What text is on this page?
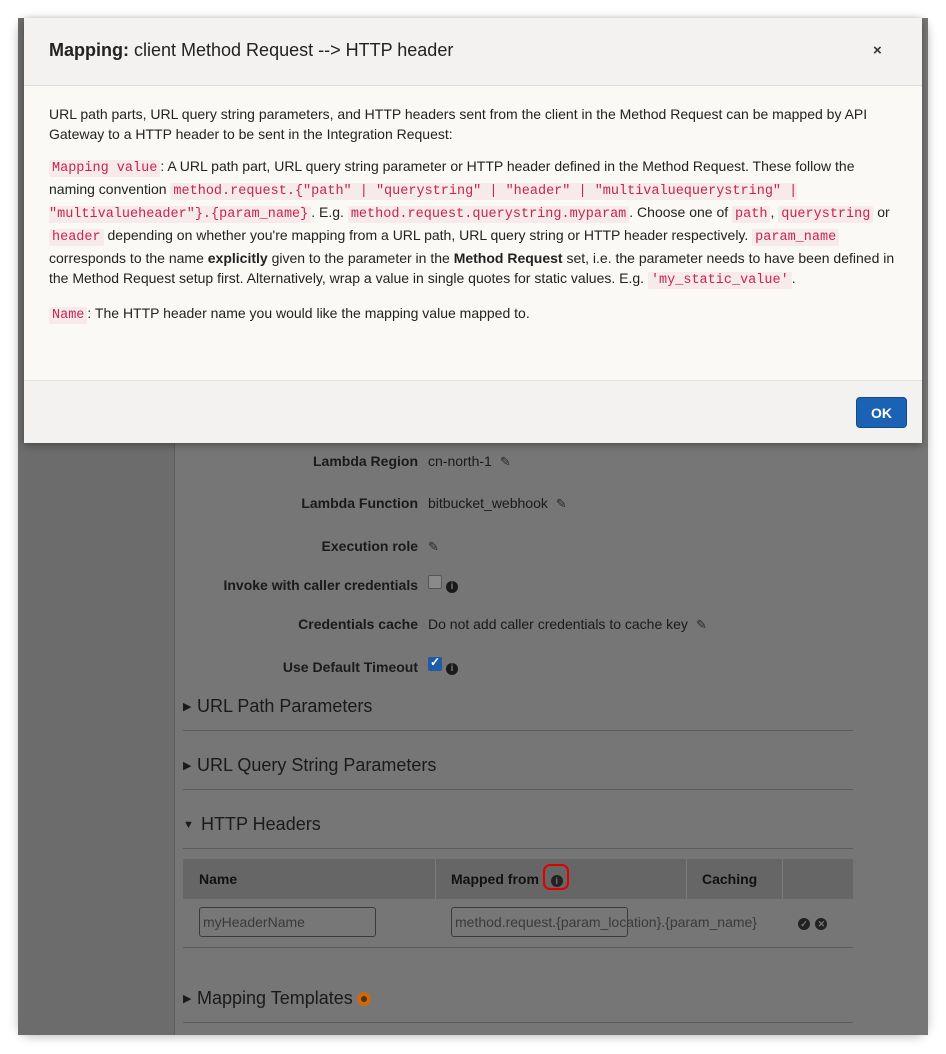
Lambda Region cn-north-1 ✎
Lambda Function bitbucket_webhook ✎
Execution role ✎
Invoke with caller credentials	i
Credentials cache Do not add caller credentials to cache key ✎
Use Default Timeout
✓	i
▶ URL Path Parameters
▶ URL Query String Parameters
▼ HTTP Headers
Name	Mapped from i	Caching
myHeaderName	method.request.{param_location}.{param_name}	✓ ✕
▶ Mapping Templates
Mapping: client Method Request --> HTTP header	×

URL path parts, URL query string parameters, and HTTP headers sent from the client in the Method Request can be mapped by API Gateway to a HTTP header to be sent in the Integration Request:

Mapping value : A URL path part, URL query string parameter or HTTP header defined in the Method Request. These follow the naming convention method.request.{"path" | "querystring" | "header" | "multivaluequerystring" | "multivalueheader"}.{param_name} . E.g. method.request.querystring.myparam . Choose one of path , querystring or header depending on whether you're mapping from a URL path, URL query string or HTTP header respectively. param_name corresponds to the name explicitly given to the parameter in the Method Request set, i.e. the parameter needs to have been defined in the Method Request setup first. Alternatively, wrap a value in single quotes for static values. E.g. 'my_static_value' .

Name : The HTTP header name you would like the mapping value mapped to.

OK
